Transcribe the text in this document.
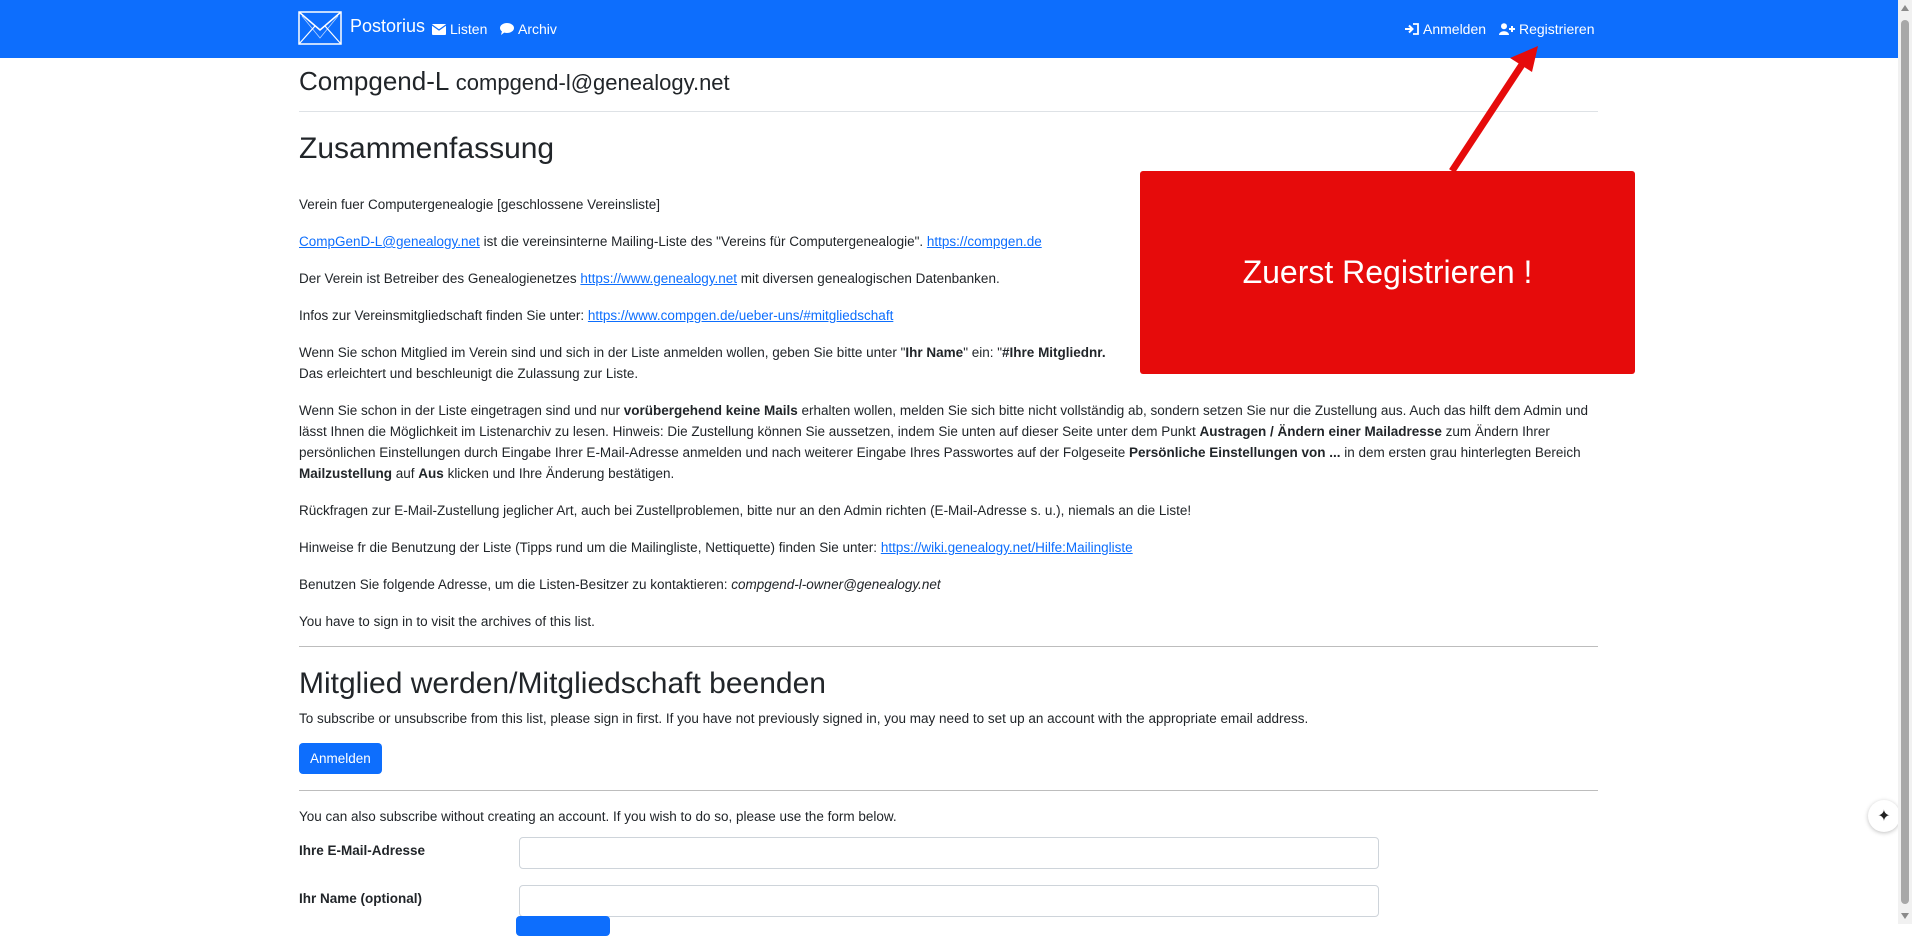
Postorius Listen Archiv	Anmelden Registrieren
Compgend-L compgend-l@genealogy.net
Zusammenfassung

Verein fuer Computergenealogie [geschlossene Vereinsliste]

CompGenD-L@genealogy.net ist die vereinsinterne Mailing-Liste des "Vereins für Computergenealogie". https://compgen.de

Der Verein ist Betreiber des Genealogienetzes https://www.genealogy.net mit diversen genealogischen Datenbanken.

Infos zur Vereinsmitgliedschaft finden Sie unter: https://www.compgen.de/ueber-uns/#mitgliedschaft

Wenn Sie schon Mitglied im Verein sind und sich in der Liste anmelden wollen, geben Sie bitte unter "Ihr Name" ein: "#Ihre Mitgliednr.
Das erleichtert und beschleunigt die Zulassung zur Liste.

Wenn Sie schon in der Liste eingetragen sind und nur vorübergehend keine Mails erhalten wollen, melden Sie sich bitte nicht vollständig ab, sondern setzen Sie nur die Zustellung aus. Auch das hilft dem Admin und lässt Ihnen die Möglichkeit im Listenarchiv zu lesen. Hinweis: Die Zustellung können Sie aussetzen, indem Sie unten auf dieser Seite unter dem Punkt Austragen / Ändern einer Mailadresse zum Ändern Ihrer persönlichen Einstellungen durch Eingabe Ihrer E-Mail-Adresse anmelden und nach weiterer Eingabe Ihres Passwortes auf der Folgeseite Persönliche Einstellungen von ... in dem ersten grau hinterlegten Bereich Mailzustellung auf Aus klicken und Ihre Änderung bestätigen.

Rückfragen zur E-Mail-Zustellung jeglicher Art, auch bei Zustellproblemen, bitte nur an den Admin richten (E-Mail-Adresse s. u.), niemals an die Liste!

Hinweise fr die Benutzung der Liste (Tipps rund um die Mailingliste, Nettiquette) finden Sie unter: https://wiki.genealogy.net/Hilfe:Mailingliste

Benutzen Sie folgende Adresse, um die Listen-Besitzer zu kontaktieren: compgend-l-owner@genealogy.net

You have to sign in to visit the archives of this list.

Mitglied werden/Mitgliedschaft beenden

To subscribe or unsubscribe from this list, please sign in first. If you have not previously signed in, you may need to set up an account with the appropriate email address.

Anmelden

You can also subscribe without creating an account. If you wish to do so, please use the form below.

Ihre E-Mail-Adresse
Ihr Name (optional)
Zuerst Registrieren !
✦
